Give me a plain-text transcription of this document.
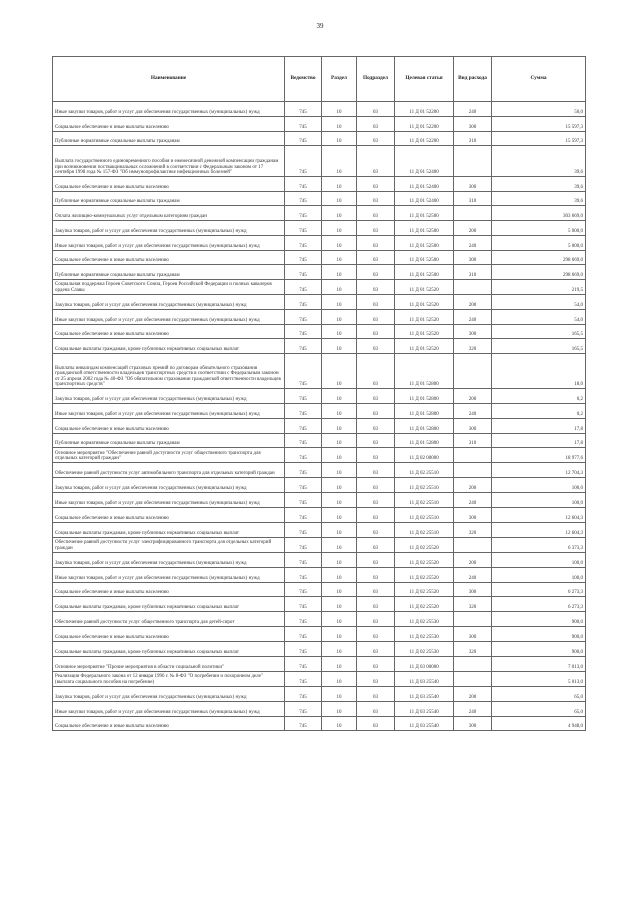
39
Наименование	Ведомство	Раздел	Подраздел	Целевая статья	Вид расхода	Сумма
Иные закупки товаров, работ и услуг для обеспечения государственных (муниципальных) нужд	745	10	03	11 Д 01 52200	240	50,0
Социальное обеспечение и иные выплаты населению	745	10	03	11 Д 01 52200	300	15 597,3
Публичные нормативные социальные выплаты гражданам	745	10	03	11 Д 01 52200	310	15 597,3
Выплата государственного единовременного пособия и ежемесячной денежной компенсации гражданам при возникновении поствакцинальных осложнений в соответствии с Федеральным законом от 17 сентября 1998 года № 157-ФЗ "Об иммунопрофилактике инфекционных болезней"	745	10	03	11 Д 01 52400		39,6
Социальное обеспечение и иные выплаты населению	745	10	03	11 Д 01 52400	300	39,6
Публичные нормативные социальные выплаты гражданам	745	10	03	11 Д 01 52400	310	39,6
Оплата жилищно-коммунальных услуг отдельным категориям граждан	745	10	03	11 Д 01 52500		303 669,0
Закупка товаров, работ и услуг для обеспечения государственных (муниципальных) нужд	745	10	03	11 Д 01 52500	200	5 000,0
Иные закупки товаров, работ и услуг для обеспечения государственных (муниципальных) нужд	745	10	03	11 Д 01 52500	240	5 000,0
Социальное обеспечение и иные выплаты населению	745	10	03	11 Д 01 52500	300	298 669,0
Публичные нормативные социальные выплаты гражданам	745	10	03	11 Д 01 52500	310	298 669,0
Социальная поддержка Героев Советского Союза, Героев Российской Федерации и полных кавалеров ордена Славы	745	10	03	11 Д 01 52520		219,5
Закупка товаров, работ и услуг для обеспечения государственных (муниципальных) нужд	745	10	03	11 Д 01 52520	200	54,0
Иные закупки товаров, работ и услуг для обеспечения государственных (муниципальных) нужд	745	10	03	11 Д 01 52520	240	54,0
Социальное обеспечение и иные выплаты населению	745	10	03	11 Д 01 52520	300	165,5
Социальные выплаты гражданам, кроме публичных нормативных социальных выплат	745	10	03	11 Д 01 52520	320	165,5
Выплаты инвалидам компенсаций страховых премий по договорам обязательного страхования гражданской ответственности владельцев транспортных средств в соответствии с Федеральным законом от 25 апреля 2002 года № 40-ФЗ "Об обязательном страховании гражданской ответственности владельцев транспортных средств"	745	10	03	11 Д 01 52800		18,0
Закупка товаров, работ и услуг для обеспечения государственных (муниципальных) нужд	745	10	03	11 Д 01 52800	200	0,2
Иные закупки товаров, работ и услуг для обеспечения государственных (муниципальных) нужд	745	10	03	11 Д 01 52800	240	0,2
Социальное обеспечение и иные выплаты населению	745	10	03	11 Д 01 52800	300	17,8
Публичные нормативные социальные выплаты гражданам	745	10	03	11 Д 01 52800	310	17,8
Основное мероприятие "Обеспечение равной доступности услуг общественного транспорта для отдельных категорий граждан"	745	10	03	11 Д 02 00000		18 977,6
Обеспечение равной доступности услуг автомобильного транспорта для отдельных категорий граждан	745	10	03	11 Д 02 25510		12 704,3
Закупка товаров, работ и услуг для обеспечения государственных (муниципальных) нужд	745	10	03	11 Д 02 25510	200	100,0
Иные закупки товаров, работ и услуг для обеспечения государственных (муниципальных) нужд	745	10	03	11 Д 02 25510	240	100,0
Социальное обеспечение и иные выплаты населению	745	10	03	11 Д 02 25510	300	12 604,3
Социальные выплаты гражданам, кроме публичных нормативных социальных выплат	745	10	03	11 Д 02 25510	320	12 604,3
Обеспечение равной доступности услуг электрифицированного транспорта для отдельных категорий граждан	745	10	03	11 Д 02 25520		6 373,3
Закупка товаров, работ и услуг для обеспечения государственных (муниципальных) нужд	745	10	03	11 Д 02 25520	200	100,0
Иные закупки товаров, работ и услуг для обеспечения государственных (муниципальных) нужд	745	10	03	11 Д 02 25520	240	100,0
Социальное обеспечение и иные выплаты населению	745	10	03	11 Д 02 25520	300	6 273,3
Социальные выплаты гражданам, кроме публичных нормативных социальных выплат	745	10	03	11 Д 02 25520	320	6 273,3
Обеспечение равной доступности услуг общественного транспорта для детей-сирот	745	10	03	11 Д 02 25530		900,0
Социальное обеспечение и иные выплаты населению	745	10	03	11 Д 02 25530	300	900,0
Социальные выплаты гражданам, кроме публичных нормативных социальных выплат	745	10	03	11 Д 02 25530	320	900,0
Основное мероприятие "Прочие мероприятия в области социальной политики"	745	10	03	11 Д 03 00000		7 013,0
Реализация Федерального закона от 12 января 1996 г. № 8-ФЗ "О погребении и похоронном деле" (выплата социального пособия на погребение)	745	10	03	11 Д 03 25540		5 013,0
Закупка товаров, работ и услуг для обеспечения государственных (муниципальных) нужд	745	10	03	11 Д 03 25540	200	65,0
Иные закупки товаров, работ и услуг для обеспечения государственных (муниципальных) нужд	745	10	03	11 Д 03 25540	240	65,0
Социальное обеспечение и иные выплаты населению	745	10	03	11 Д 03 25540	300	4 948,0
